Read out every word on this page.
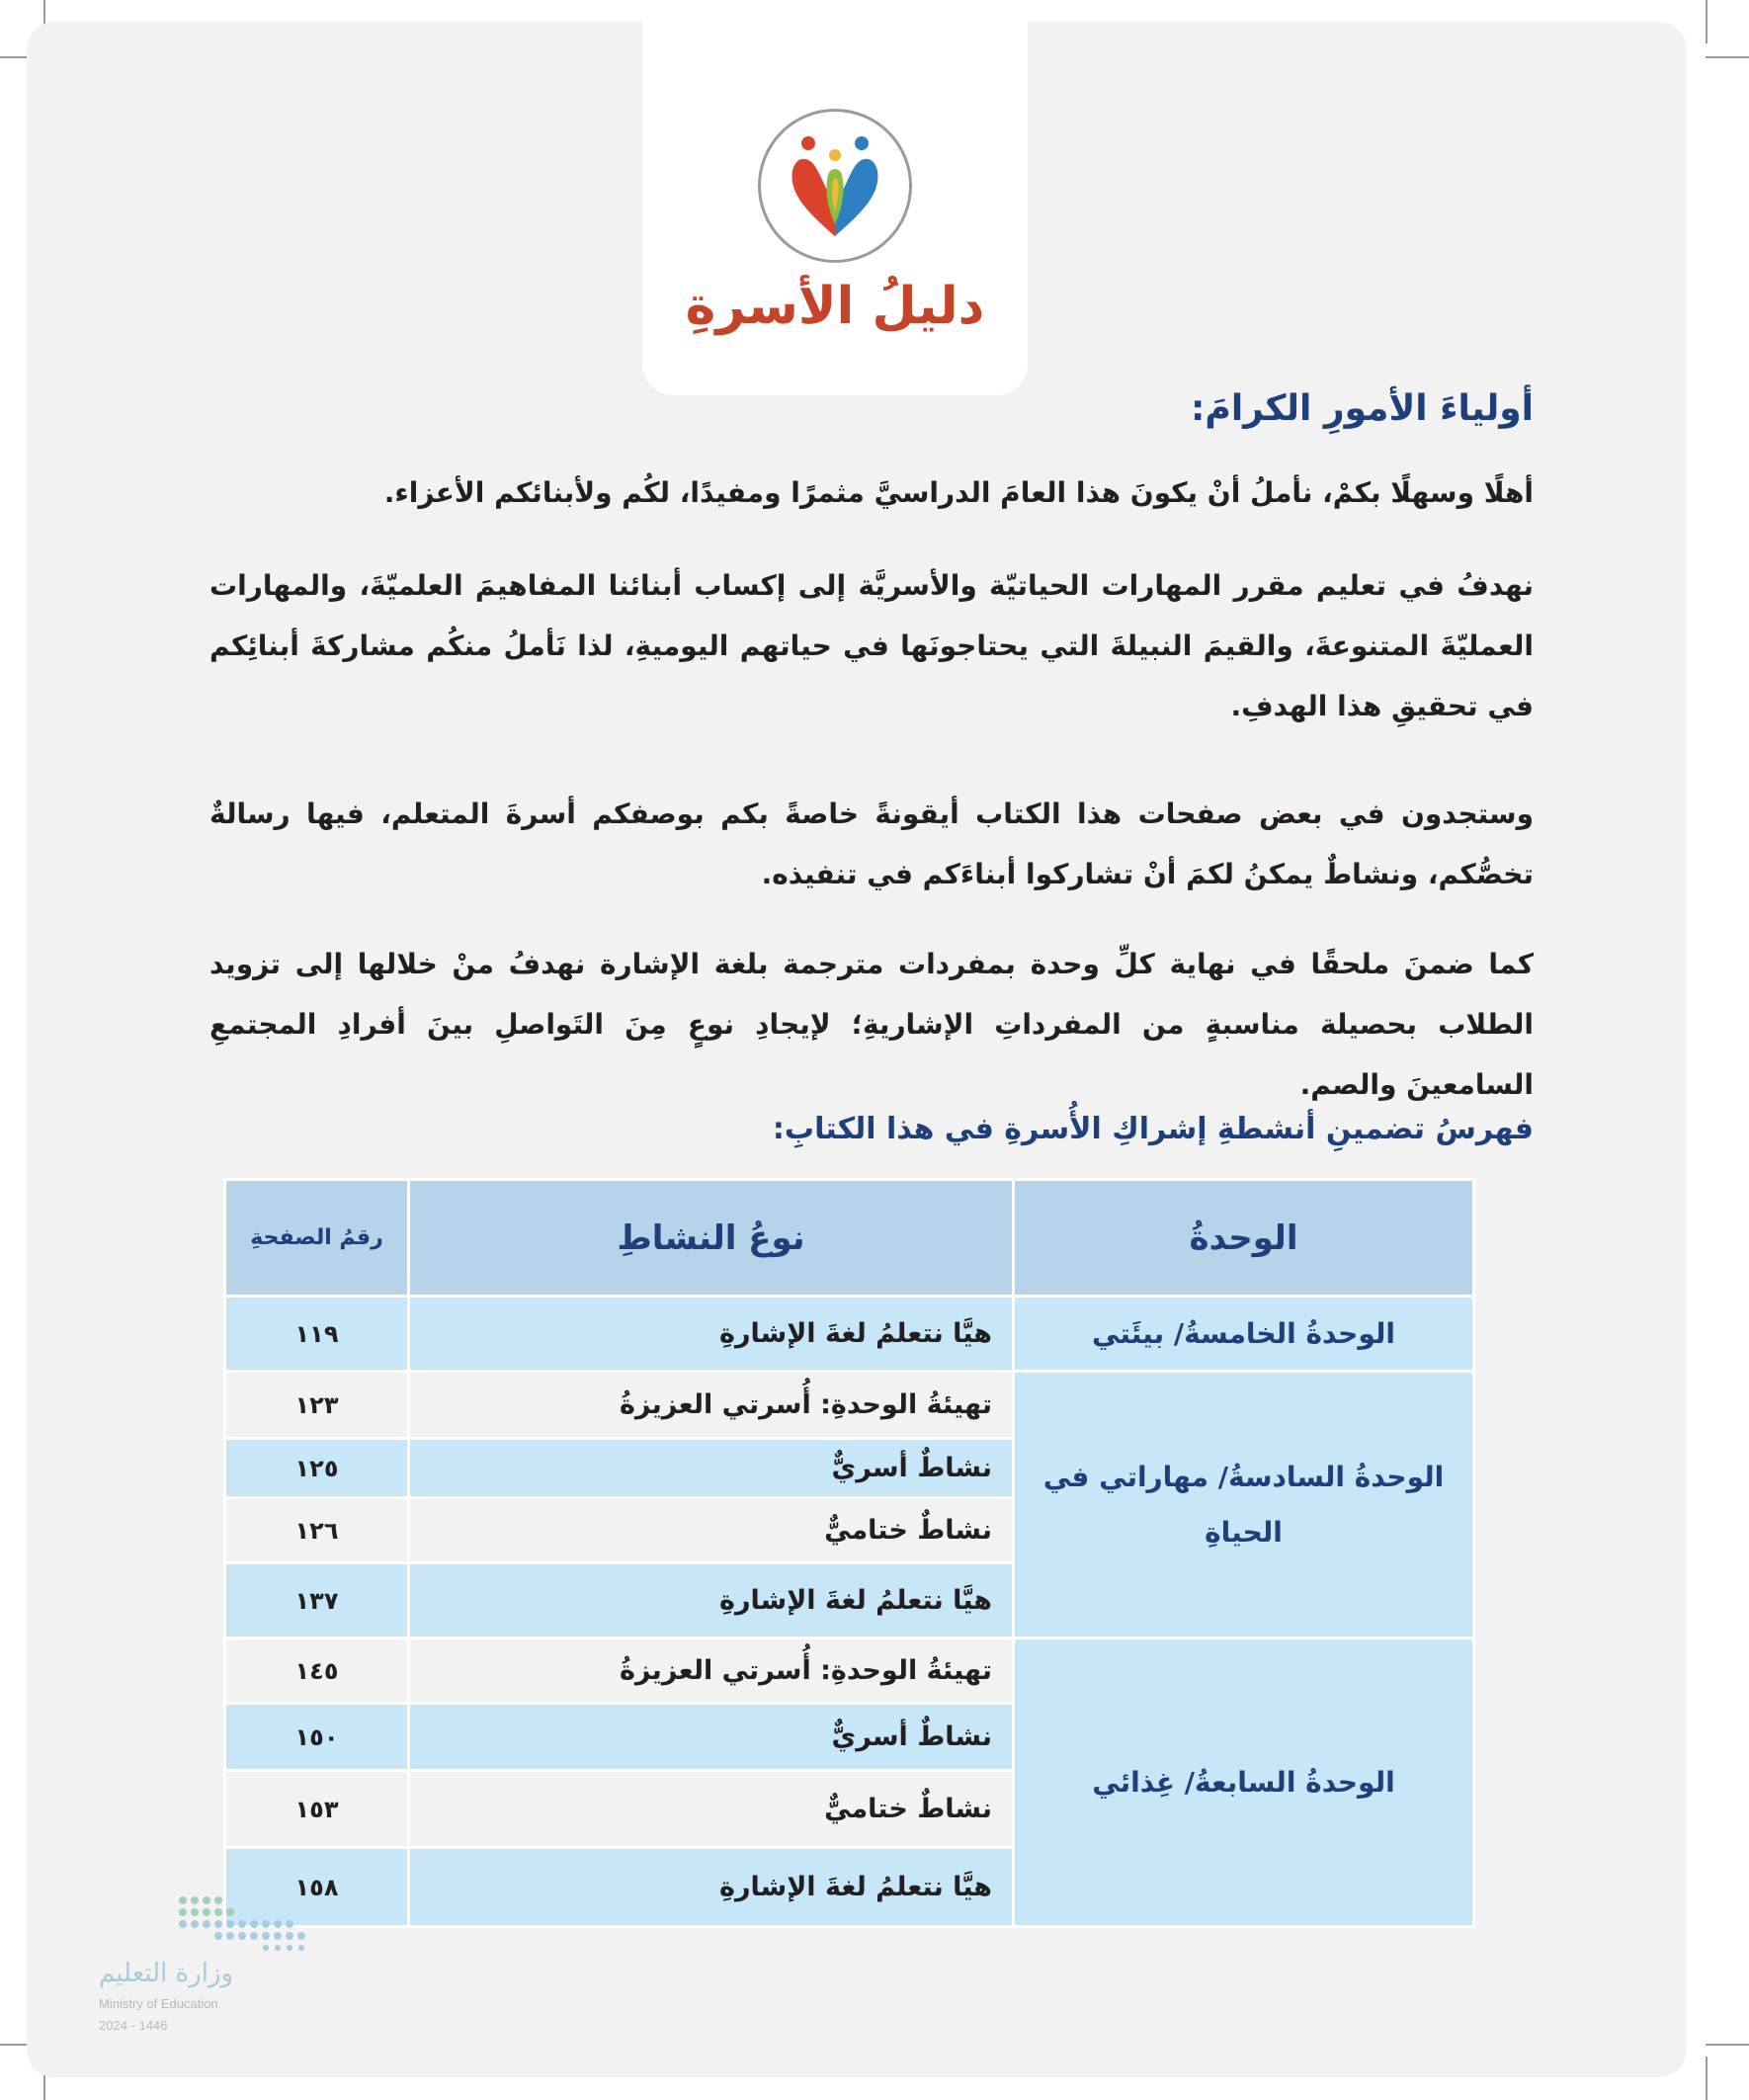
دليلُ الأسرةِ
أولياءَ الأمورِ الكرامَ:

أهلًا وسهلًا بكمْ، نأملُ أنْ يكونَ هذا العامَ الدراسيَّ مثمرًا ومفيدًا، لكُم ولأبنائكم الأعزاء.

نهدفُ في تعليم مقرر المهارات الحياتيّة والأسريَّة إلى إكساب أبنائنا المفاهيمَ العلميّةَ، والمهارات العمليّةَ المتنوعةَ، والقيمَ النبيلةَ التي يحتاجونَها في حياتهم اليوميةِ، لذا نَأملُ منكُم مشاركةَ أبنائِكم في تحقيقِ هذا الهدفِ.

وستجدون في بعض صفحات هذا الكتاب أيقونةً خاصةً بكم بوصفكم أسرةَ المتعلم، فيها رسالةٌ تخصُّكم، ونشاطٌ يمكنُ لكمَ أنْ تشاركوا أبناءَكم في تنفيذه.

كما ضمنَ ملحقًا في نهاية كلِّ وحدة بمفردات مترجمة بلغة الإشارة نهدفُ منْ خلالها إلى تزويد الطلاب بحصيلة مناسبةٍ من المفرداتِ الإشاريةِ؛ لإيجادِ نوعٍ مِنَ التَواصلِ بينَ أفرادِ المجتمعِ السامعينَ والصم.

فهرسُ تضمينِ أنشطةِ إشراكِ الأُسرةِ في هذا الكتابِ:
الوحدةُ	نوعُ النشاطِ	رقمُ الصفحةِ
الوحدةُ الخامسةُ/ بيئَتي	هيَّا نتعلمُ لغةَ الإشارةِ	١١٩
الوحدةُ السادسةُ/ مهاراتي في الحياةِ	تهيئةُ الوحدةِ: أُسرتي العزيزةُ	١٢٣
	نشاطٌ أسريٌّ	١٢٥
	نشاطٌ ختاميٌّ	١٢٦
	هيَّا نتعلمُ لغةَ الإشارةِ	١٣٧
الوحدةُ السابعةُ/ غِذائي	تهيئةُ الوحدةِ: أُسرتي العزيزةُ	١٤٥
	نشاطٌ أسريٌّ	١٥٠
	نشاطٌ ختاميٌّ	١٥٣
	هيَّا نتعلمُ لغةَ الإشارةِ	١٥٨
وزارة التعليم
Ministry of Education
2024 - 1446
